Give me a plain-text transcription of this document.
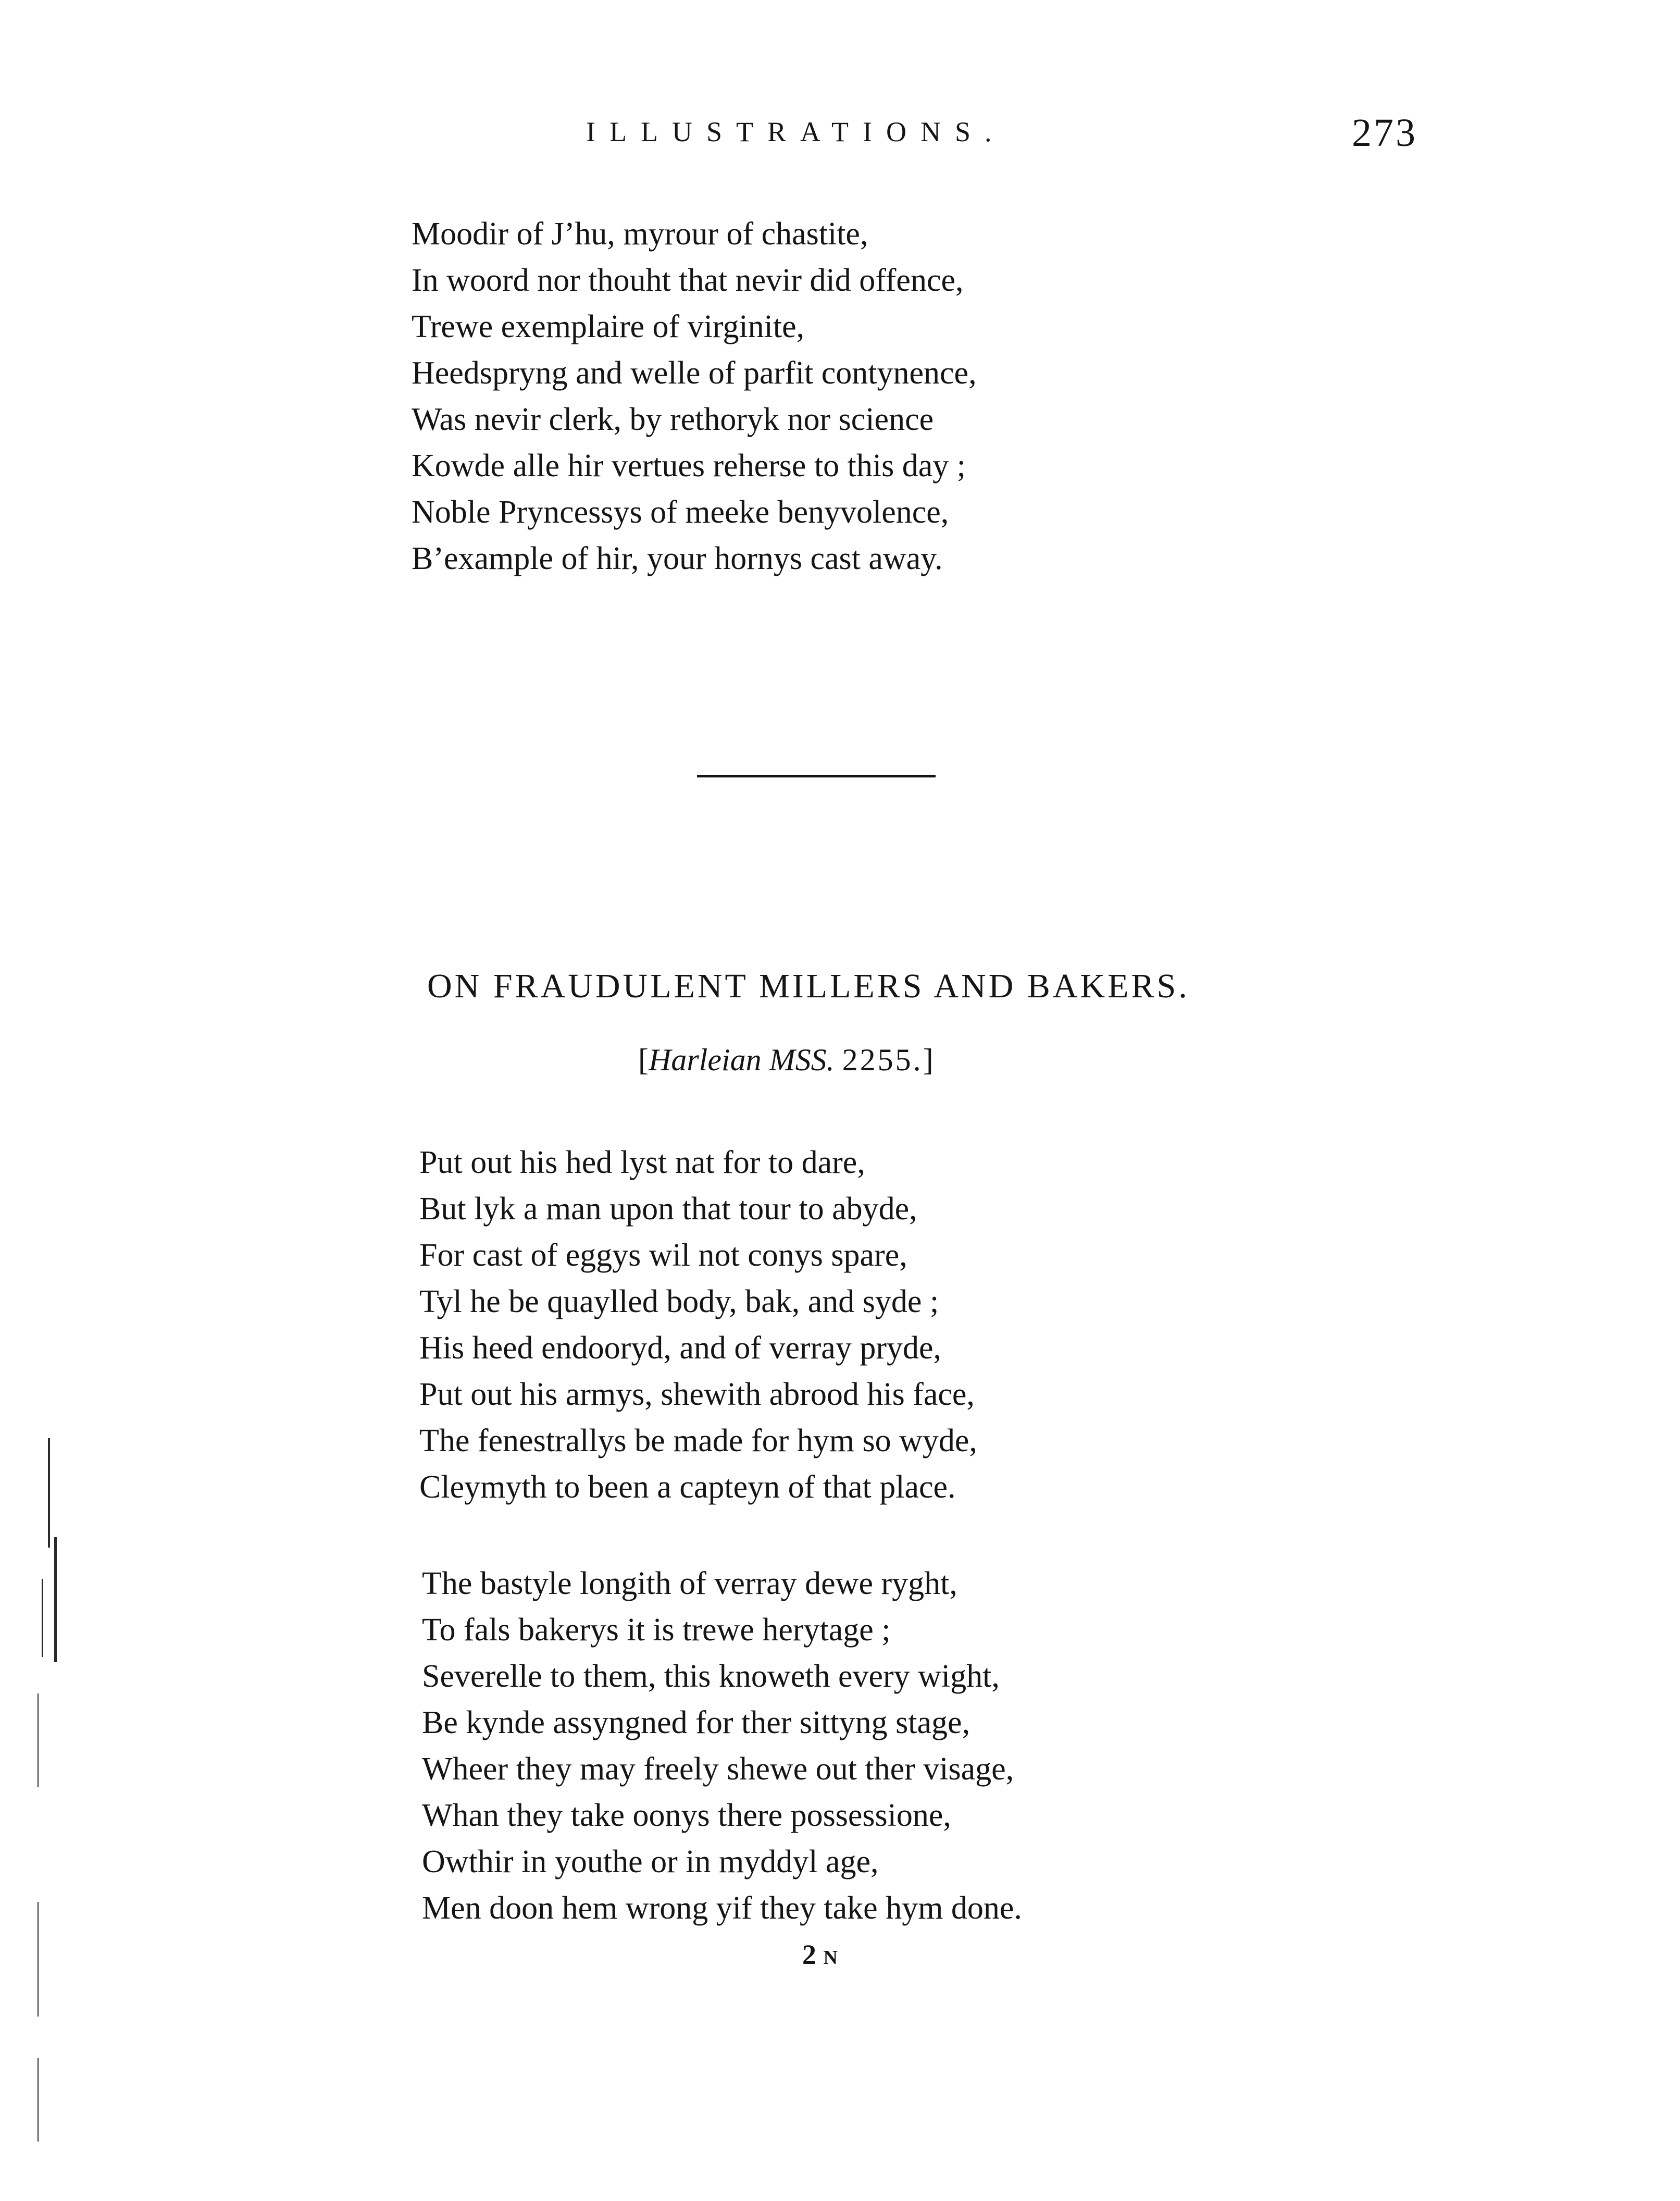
ILLUSTRATIONS.	273
Moodir of J’hu, myrour of chastite,
In woord nor thouht that nevir did offence,
Trewe exemplaire of virginite,
Heedspryng and welle of parfit contynence,
Was nevir clerk, by rethoryk nor science
Kowde alle hir vertues reherse to this day ;
Noble Pryncessys of meeke benyvolence,
B’example of hir, your hornys cast away.
ON FRAUDULENT MILLERS AND BAKERS.
[Harleian MSS. 2255.]
Put out his hed lyst nat for to dare,
But lyk a man upon that tour to abyde,
For cast of eggys wil not conys spare,
Tyl he be quaylled body, bak, and syde ;
His heed endooryd, and of verray pryde,
Put out his armys, shewith abrood his face,
The fenestrallys be made for hym so wyde,
Cleymyth to been a capteyn of that place.
The bastyle longith of verray dewe ryght,
To fals bakerys it is trewe herytage ;
Severelle to them, this knoweth every wight,
Be kynde assyngned for ther sittyng stage,
Wheer they may freely shewe out ther visage,
Whan they take oonys there possessione,
Owthir in youthe or in myddyl age,
Men doon hem wrong yif they take hym done.
2 N
